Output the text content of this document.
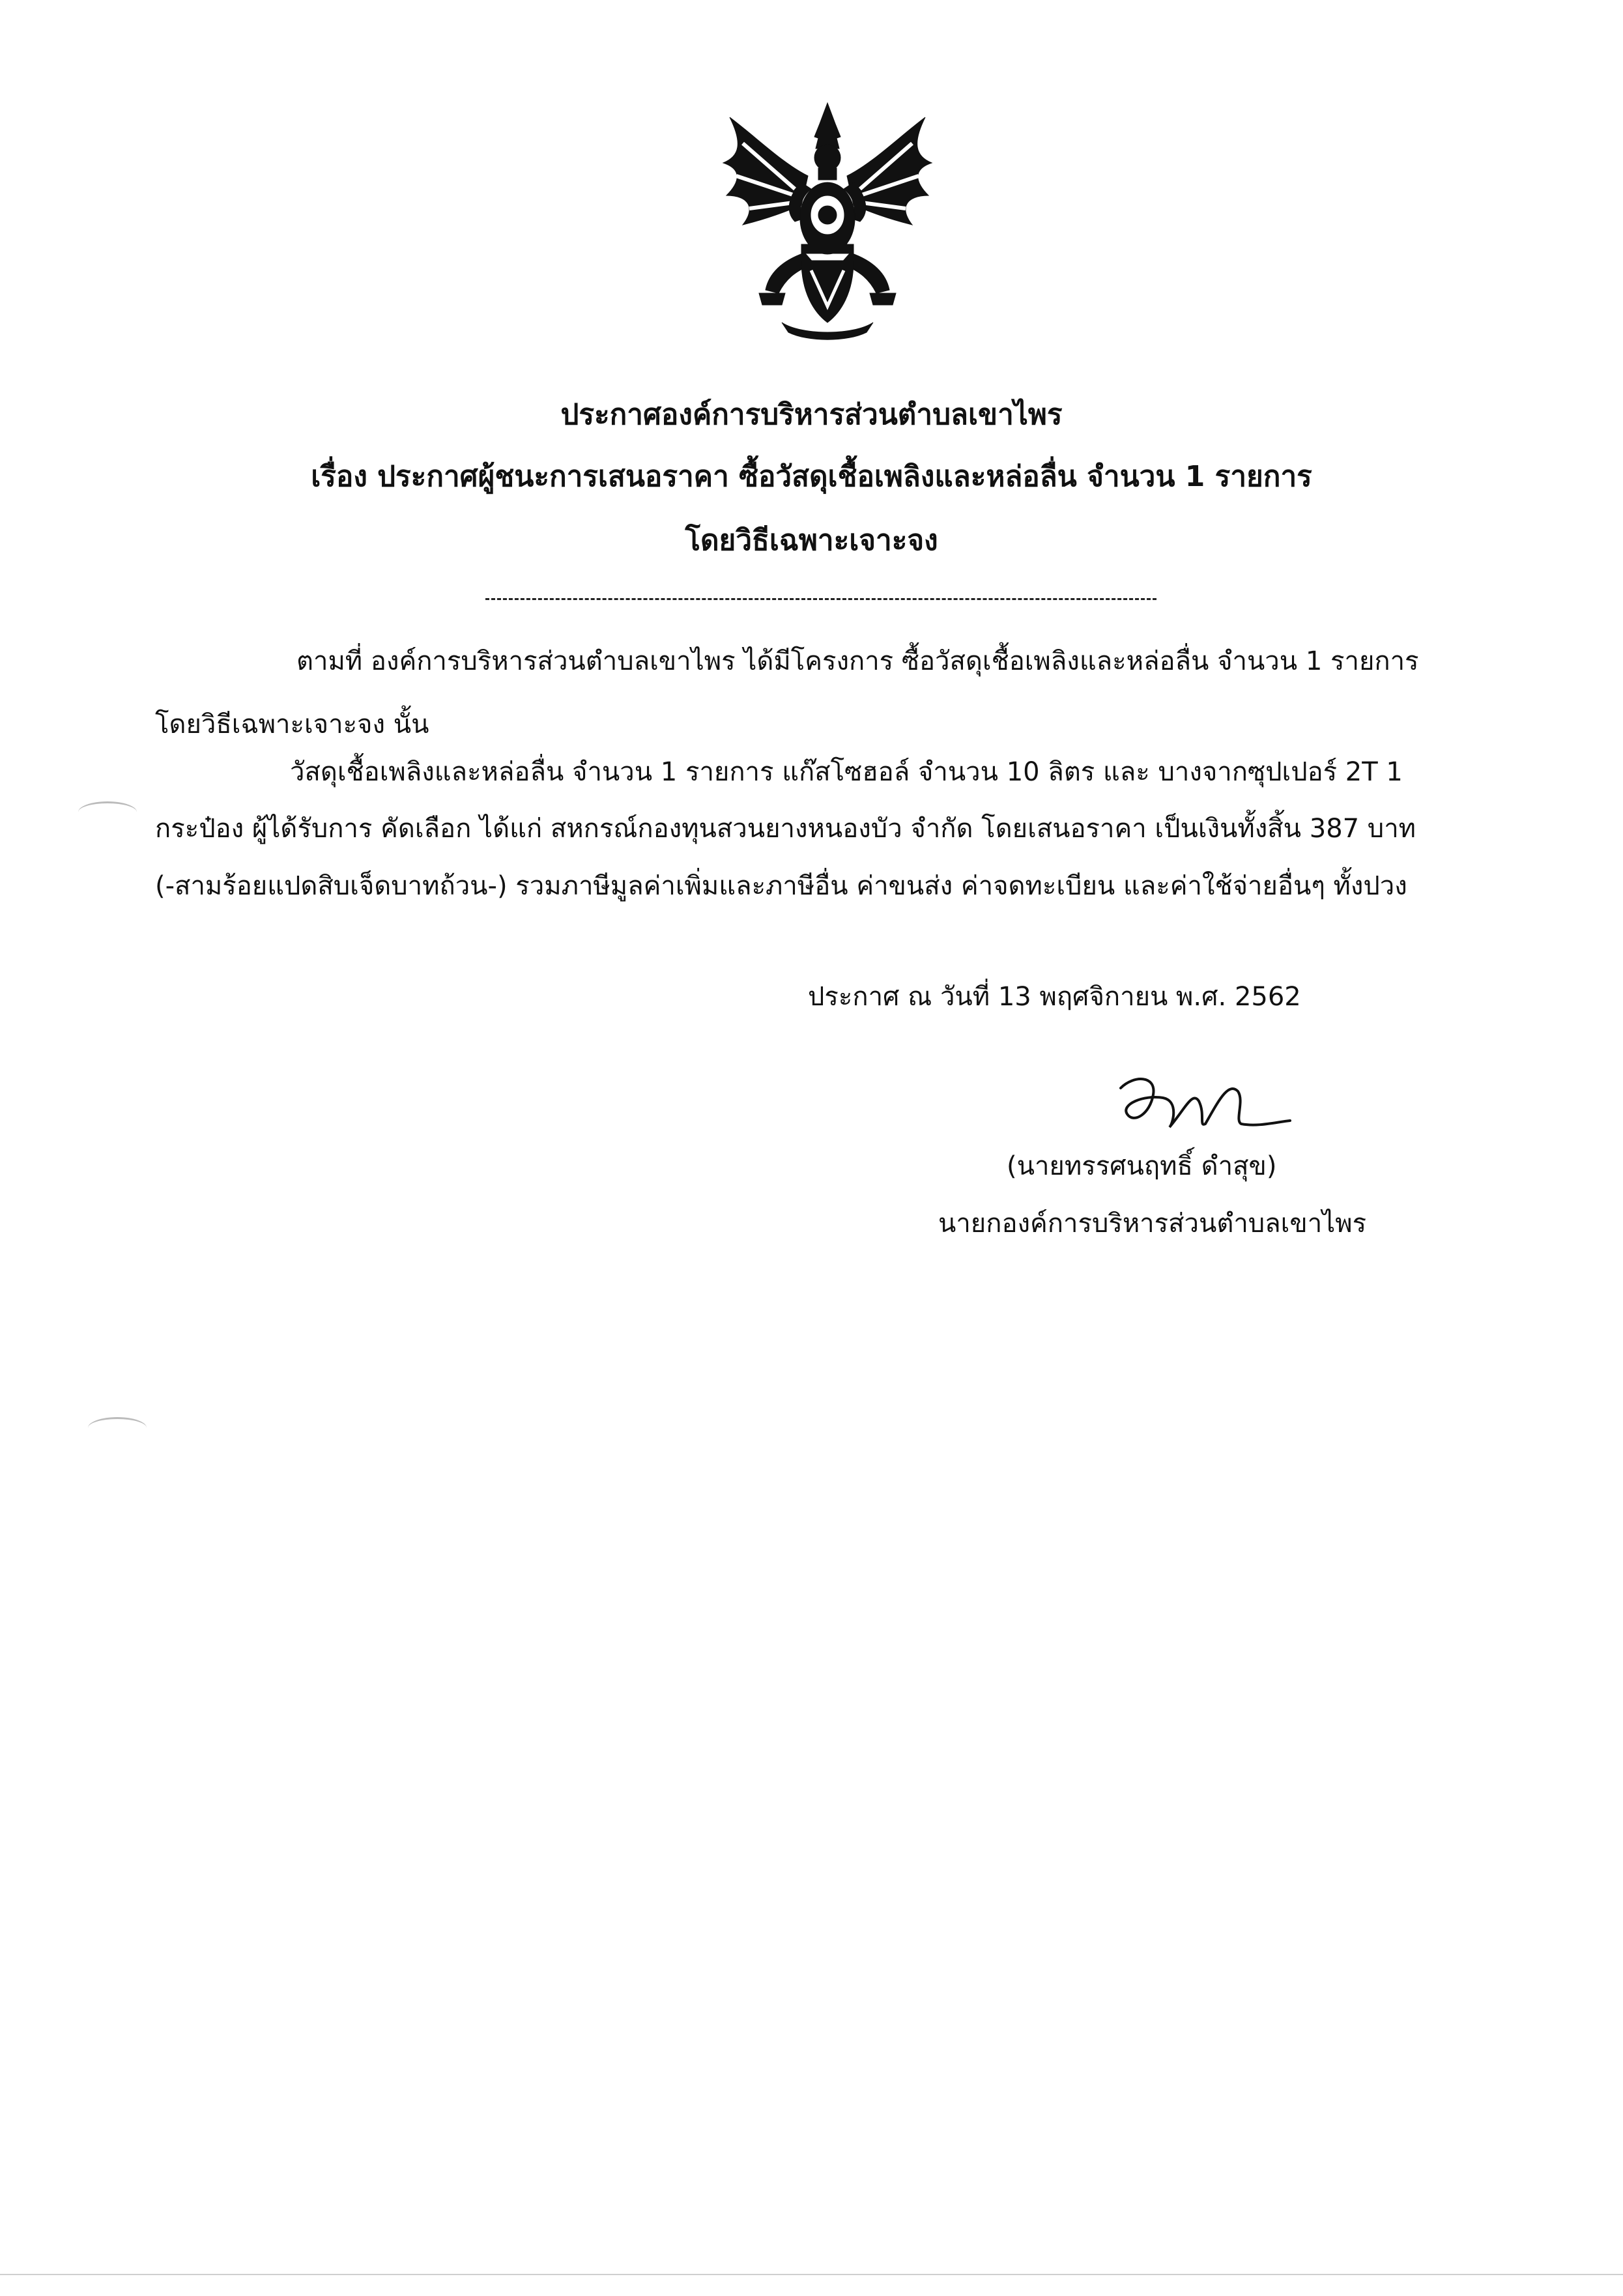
ประกาศองค์การบริหารส่วนตำบลเขาไพร
เรื่อง ประกาศผู้ชนะการเสนอราคา ซื้อวัสดุเชื้อเพลิงและหล่อลื่น จำนวน 1 รายการ
โดยวิธีเฉพาะเจาะจง
ตามที่ องค์การบริหารส่วนตำบลเขาไพร ได้มีโครงการ ซื้อวัสดุเชื้อเพลิงและหล่อลื่น จำนวน 1 รายการ
โดยวิธีเฉพาะเจาะจง นั้น
วัสดุเชื้อเพลิงและหล่อลื่น จำนวน 1 รายการ แก๊สโซฮอล์ จำนวน 10 ลิตร และ บางจากซุปเปอร์ 2T 1
กระป๋อง ผู้ได้รับการ คัดเลือก ได้แก่ สหกรณ์กองทุนสวนยางหนองบัว จำกัด โดยเสนอราคา เป็นเงินทั้งสิ้น 387 บาท
(-สามร้อยแปดสิบเจ็ดบาทถ้วน-) รวมภาษีมูลค่าเพิ่มและภาษีอื่น ค่าขนส่ง ค่าจดทะเบียน และค่าใช้จ่ายอื่นๆ ทั้งปวง
ประกาศ ณ วันที่ 13 พฤศจิกายน พ.ศ. 2562
(นายทรรศนฤทธิ์ ดำสุข)
นายกองค์การบริหารส่วนตำบลเขาไพร
